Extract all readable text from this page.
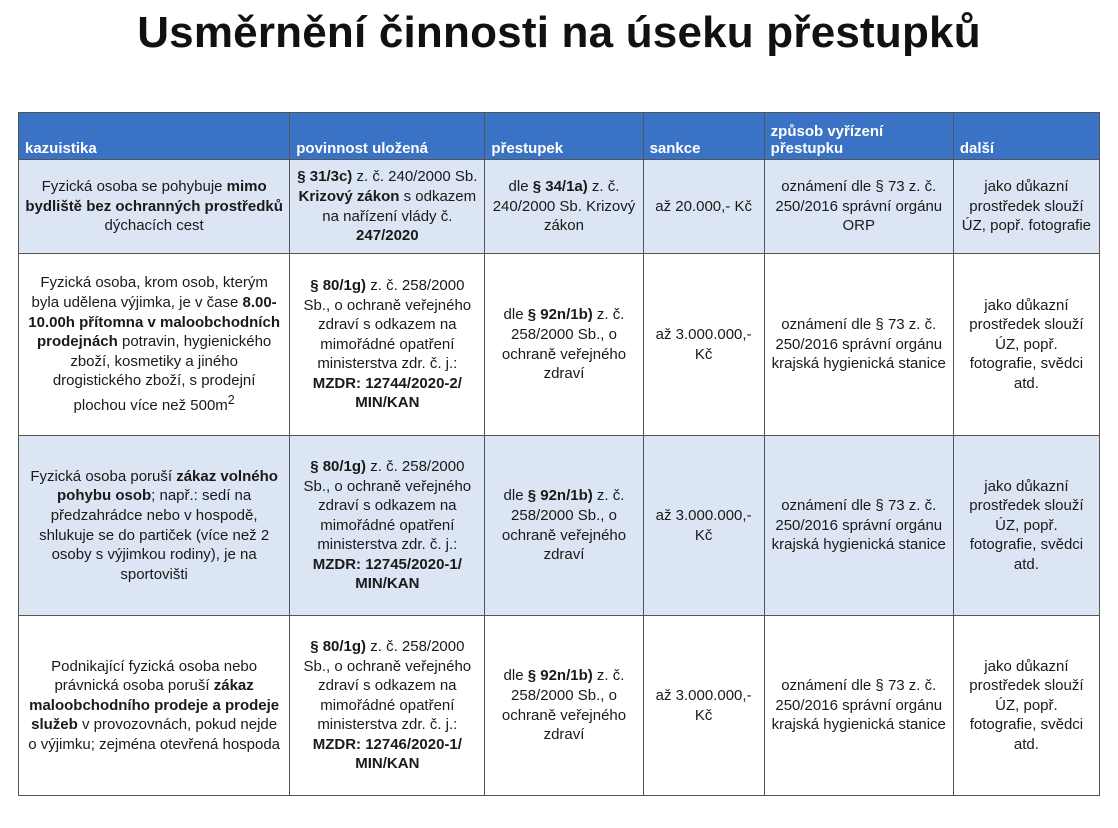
Usměrnění činnosti na úseku přestupků
kazuistika	povinnost uložená	přestupek	sankce	způsob vyřízení přestupku	další
Fyzická osoba se pohybuje mimo bydliště bez ochranných prostředků dýchacích cest	§ 31/3c) z. č. 240/2000 Sb. Krizový zákon s odkazem na nařízení vlády č. 247/2020	dle § 34/1a) z. č. 240/2000 Sb. Krizový zákon	až 20.000,- Kč	oznámení dle § 73 z. č. 250/2016 správní orgánu ORP	jako důkazní prostředek slouží ÚZ, popř. fotografie
Fyzická osoba, krom osob, kterým byla udělena výjimka, je v čase 8.00-10.00h přítomna v maloobchodních prodejnách potravin, hygienického zboží, kosmetiky a jiného drogistického zboží, s prodejní plochou více než $500m^2$	§ 80/1g) z. č. 258/2000 Sb., o ochraně veřejného zdraví s odkazem na mimořádné opatření ministerstva zdr. č. j.: MZDR: 12744/2020-2/ MIN/KAN	dle § 92n/1b) z. č. 258/2000 Sb., o ochraně veřejného zdraví	až 3.000.000,- Kč	oznámení dle § 73 z. č. 250/2016 správní orgánu krajská hygienická stanice	jako důkazní prostředek slouží ÚZ, popř. fotografie, svědci atd.
Fyzická osoba poruší zákaz volného pohybu osob; např.: sedí na předzahrádce nebo v hospodě, shlukuje se do partiček (více než 2 osoby s výjimkou rodiny), je na sportovišti	§ 80/1g) z. č. 258/2000 Sb., o ochraně veřejného zdraví s odkazem na mimořádné opatření ministerstva zdr. č. j.: MZDR: 12745/2020-1/ MIN/KAN	dle § 92n/1b) z. č. 258/2000 Sb., o ochraně veřejného zdraví	až 3.000.000,- Kč	oznámení dle § 73 z. č. 250/2016 správní orgánu krajská hygienická stanice	jako důkazní prostředek slouží ÚZ, popř. fotografie, svědci atd.
Podnikající fyzická osoba nebo právnická osoba poruší zákaz maloobchodního prodeje a prodeje služeb v provozovnách, pokud nejde o výjimku; zejména otevřená hospoda	§ 80/1g) z. č. 258/2000 Sb., o ochraně veřejného zdraví s odkazem na mimořádné opatření ministerstva zdr. č. j.: MZDR: 12746/2020-1/ MIN/KAN	dle § 92n/1b) z. č. 258/2000 Sb., o ochraně veřejného zdraví	až 3.000.000,- Kč	oznámení dle § 73 z. č. 250/2016 správní orgánu krajská hygienická stanice	jako důkazní prostředek slouží ÚZ, popř. fotografie, svědci atd.
